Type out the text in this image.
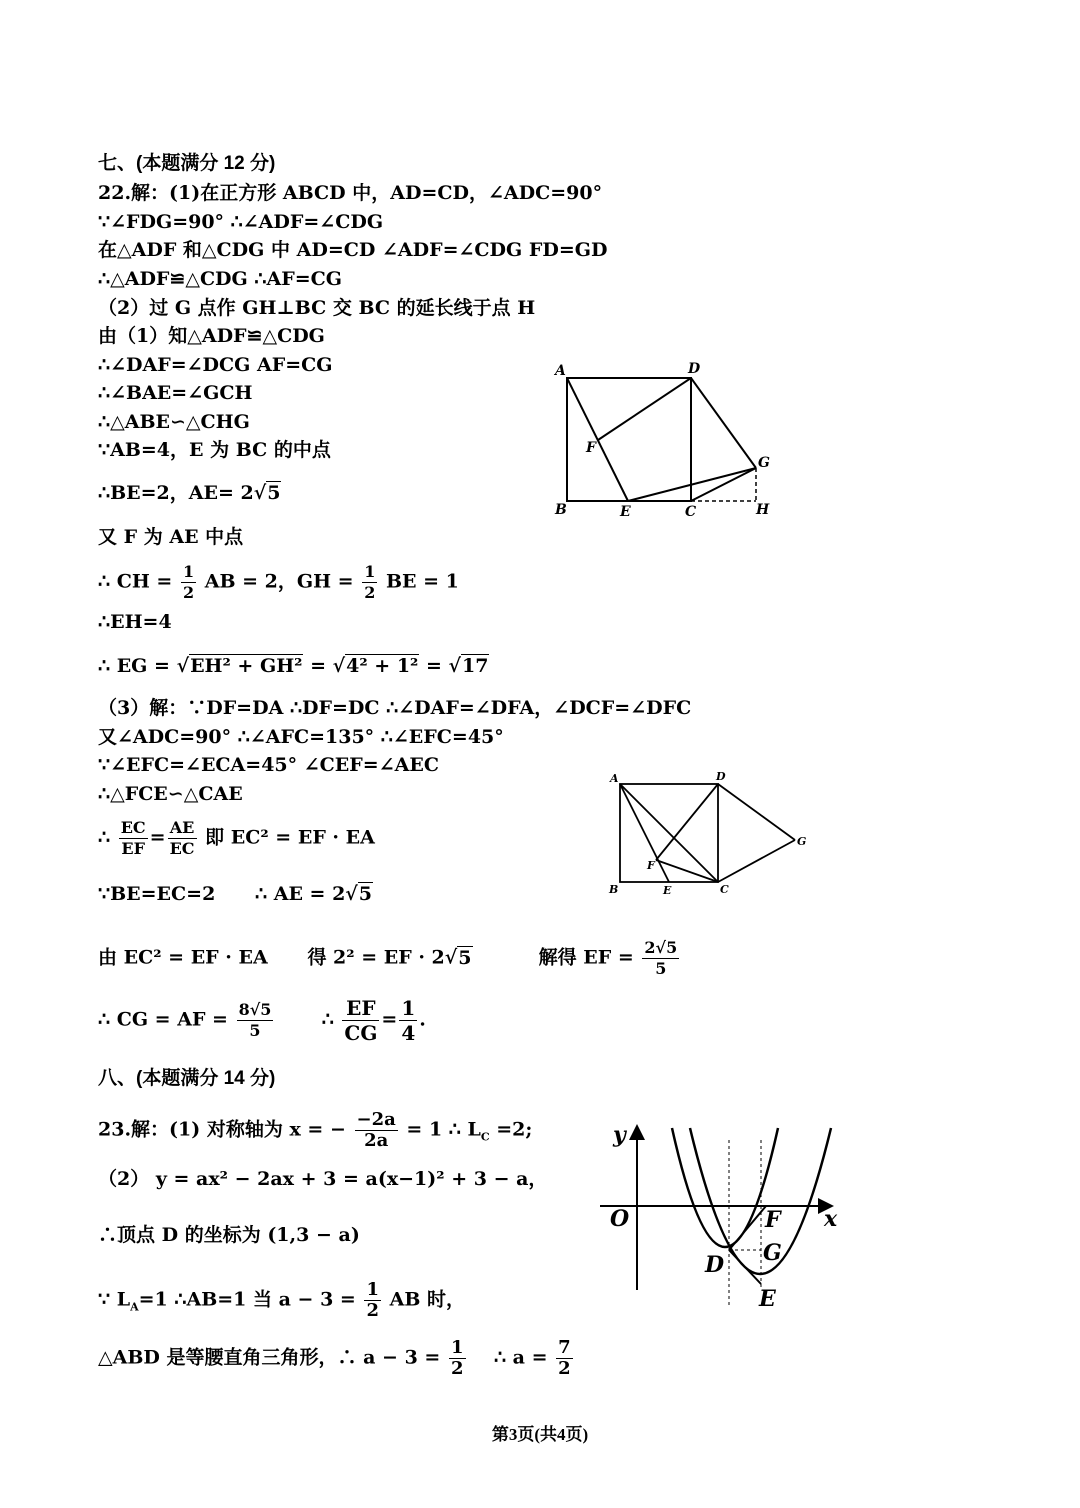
七、(本题满分 12 分)
22.解：(1)在正方形 ABCD 中，AD=CD，∠ADC=90°
∵∠FDG=90° ∴∠ADF=∠CDG
在△ADF 和△CDG 中 AD=CD ∠ADF=∠CDG FD=GD
∴△ADF≌△CDG ∴AF=CG
（2）过 G 点作 GH⊥BC 交 BC 的延长线于点 H
由（1）知△ADF≌△CDG
∴∠DAF=∠DCG AF=CG
∴∠BAE=∠GCH
∴△ABE∽△CHG
∵AB=4，E 为 BC 的中点
∴BE=2，AE= 2√5
又 F 为 AE 中点
∴ CH = $\frac{1}{2}$ AB = 2，GH = $\frac{1}{2}$ BE = 1
∴EH=4
∴ EG = √EH² + GH² = √4² + 1² = √17
（3）解：∵DF=DA ∴DF=DC ∴∠DAF=∠DFA，∠DCF=∠DFC
又∠ADC=90° ∴∠AFC=135° ∴∠EFC=45°
∵∠EFC=∠ECA=45° ∠CEF=∠AEC
∴△FCE∽△CAE
∴ $\frac{EC}{EF} = \frac{AE}{EC}$ 即 EC² = EF · EA
∵BE=EC=2 ∴ AE = 2√5
由 EC² = EF · EA 得 2² = EF · 2√5	解得 EF = $\frac{2√5}{5}$
∴ CG = AF = $\frac{8√5}{5}$	∴ $\frac{EF}{CG} = \frac{1}{4}$ .
八、(本题满分 14 分)
23.解：(1) 对称轴为 x = − $\frac{-2a}{2a} = 1$ ∴ $L_C =2$;
（2） y = ax² − 2ax + 3 = a(x−1)² + 3 − a，
∴顶点 D 的坐标为 (1,3 − a)
∵ $L_A=1$ ∴AB=1 当 $a - 3 = \frac{1}{2}$ AB 时，
△ABD 是等腰直角三角形，∴ $a - 3 = \frac{1}{2}$ ∴ $a = \frac{7}{2}$
A
B	C
D
E
F
G
H
A
B	C
D
E
F
G
y
O	x
F
G
D
E
第3页(共4页)
